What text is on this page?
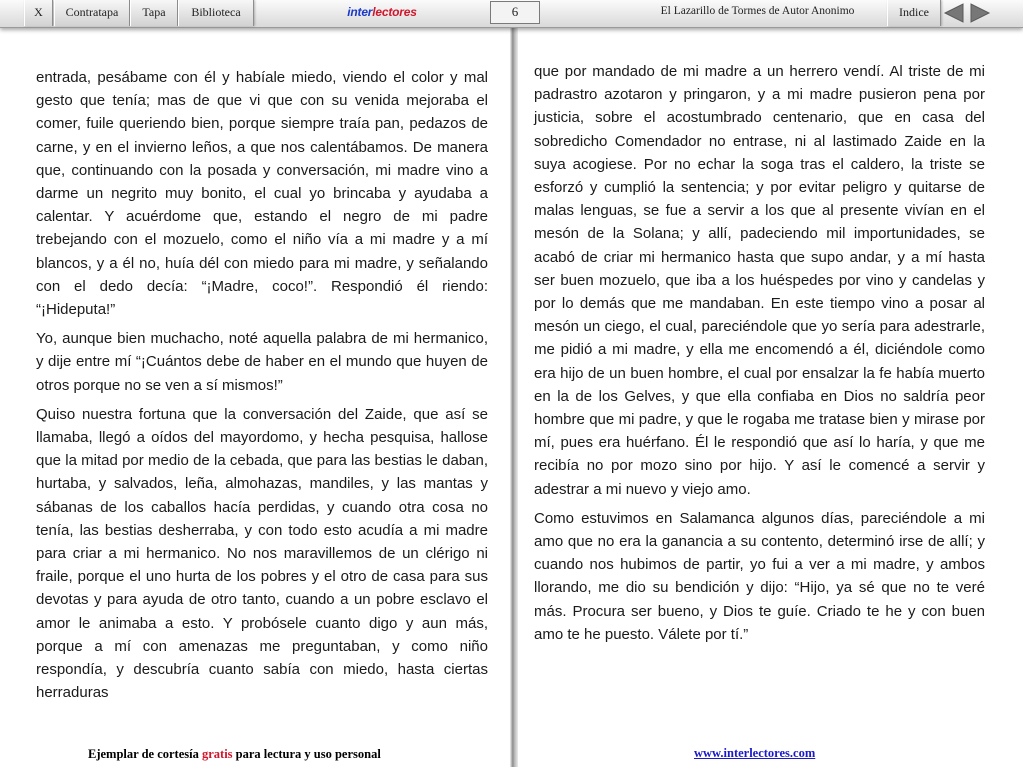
X	Contratapa	Tapa	Biblioteca	interlectores	6	El Lazarillo de Tormes de Autor Anonimo	Indice

entrada, pesábame con él y habíale miedo, viendo el color y mal gesto que tenía; mas de que vi que con su venida mejoraba el comer, fuile queriendo bien, porque siempre traía pan, pedazos de carne, y en el invierno leños, a que nos calentábamos. De manera que, continuando con la posada y conversación, mi madre vino a darme un negrito muy bonito, el cual yo brincaba y ayudaba a calentar. Y acuérdome que, estando el negro de mi padre trebejando con el mozuelo, como el niño vía a mi madre y a mí blancos, y a él no, huía dél con miedo para mi madre, y señalando con el dedo decía: “¡Madre, coco!”. Respondió él riendo: “¡Hideputa!”

Yo, aunque bien muchacho, noté aquella palabra de mi hermanico, y dije entre mí “¡Cuántos debe de haber en el mundo que huyen de otros porque no se ven a sí mismos!”

Quiso nuestra fortuna que la conversación del Zaide, que así se llamaba, llegó a oídos del mayordomo, y hecha pesquisa, hallose que la mitad por medio de la cebada, que para las bestias le daban, hurtaba, y salvados, leña, almohazas, mandiles, y las mantas y sábanas de los caballos hacía perdidas, y cuando otra cosa no tenía, las bestias desherraba, y con todo esto acudía a mi madre para criar a mi hermanico. No nos maravillemos de un clérigo ni fraile, porque el uno hurta de los pobres y el otro de casa para sus devotas y para ayuda de otro tanto, cuando a un pobre esclavo el amor le animaba a esto. Y probósele cuanto digo y aun más, porque a mí con amenazas me preguntaban, y como niño respondía, y descubría cuanto sabía con miedo, hasta ciertas herraduras

que por mandado de mi madre a un herrero vendí. Al triste de mi padrastro azotaron y pringaron, y a mi madre pusieron pena por justicia, sobre el acostumbrado centenario, que en casa del sobredicho Comendador no entrase, ni al lastimado Zaide en la suya acogiese. Por no echar la soga tras el caldero, la triste se esforzó y cumplió la sentencia; y por evitar peligro y quitarse de malas lenguas, se fue a servir a los que al presente vivían en el mesón de la Solana; y allí, padeciendo mil importunidades, se acabó de criar mi hermanico hasta que supo andar, y a mí hasta ser buen mozuelo, que iba a los huéspedes por vino y candelas y por lo demás que me mandaban. En este tiempo vino a posar al mesón un ciego, el cual, pareciéndole que yo sería para adestrarle, me pidió a mi madre, y ella me encomendó a él, diciéndole como era hijo de un buen hombre, el cual por ensalzar la fe había muerto en la de los Gelves, y que ella confiaba en Dios no saldría peor hombre que mi padre, y que le rogaba me tratase bien y mirase por mí, pues era huérfano. Él le respondió que así lo haría, y que me recibía no por mozo sino por hijo. Y así le comencé a servir y adestrar a mi nuevo y viejo amo.

Como estuvimos en Salamanca algunos días, pareciéndole a mi amo que no era la ganancia a su contento, determinó irse de allí; y cuando nos hubimos de partir, yo fui a ver a mi madre, y ambos llorando, me dio su bendición y dijo: “Hijo, ya sé que no te veré más. Procura ser bueno, y Dios te guíe. Criado te he y con buen amo te he puesto. Válete por tí.”

Ejemplar de cortesía gratis para lectura y uso personal	www.interlectores.com
